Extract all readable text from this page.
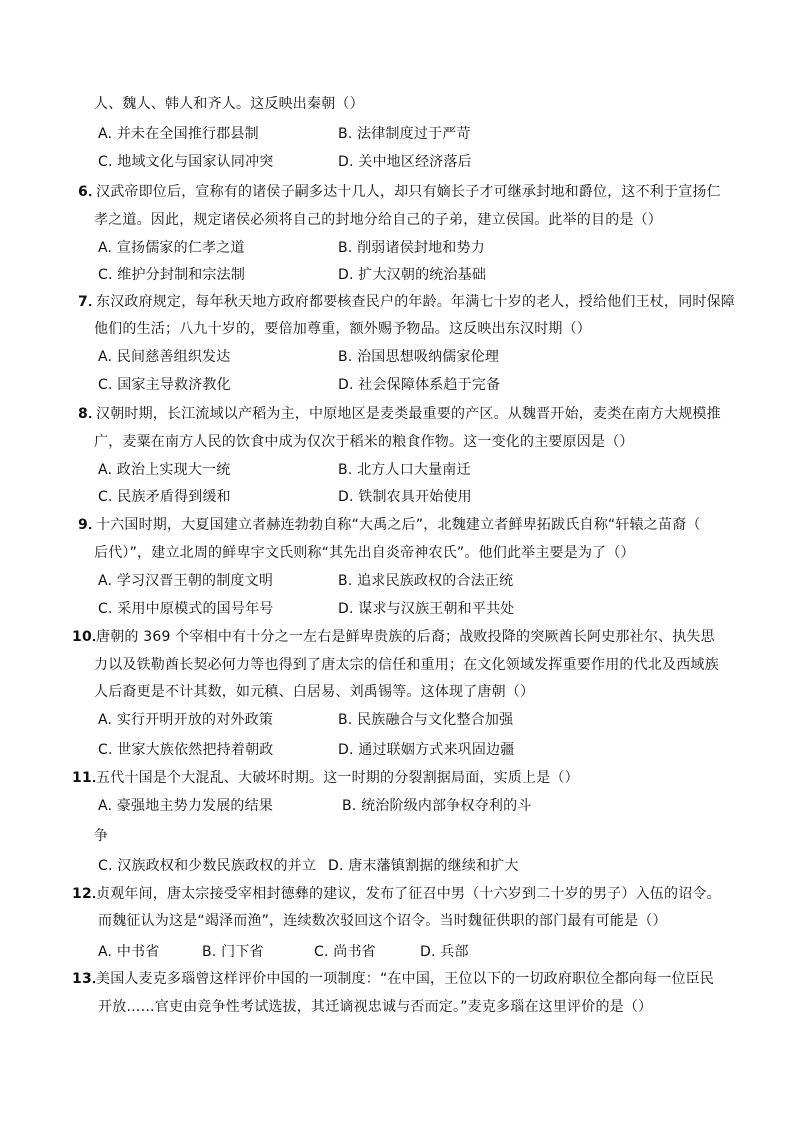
人、魏人、韩人和齐人。这反映出秦朝（）
A. 并未在全国推行郡县制	B. 法律制度过于严苛
C. 地域文化与国家认同冲突	D. 关中地区经济落后
6．
汉武帝即位后，宣称有的诸侯子嗣多达十几人，却只有嫡长子才可继承封地和爵位，这不利于宣扬仁
孝之道。因此，规定诸侯必须将自己的封地分给自己的子弟，建立侯国。此举的目的是（）
A. 宣扬儒家的仁孝之道	B. 削弱诸侯封地和势力
C. 维护分封制和宗法制	D. 扩大汉朝的统治基础
7．
东汉政府规定，每年秋天地方政府都要核查民户的年龄。年满七十岁的老人，授给他们王杖，同时保障
他们的生活；八九十岁的，要倍加尊重，额外赐予物品。这反映出东汉时期（）
A. 民间慈善组织发达	B. 治国思想吸纳儒家伦理
C. 国家主导救济教化	D. 社会保障体系趋于完备
8．
汉朝时期，长江流域以产稻为主，中原地区是麦类最重要的产区。从魏晋开始，麦类在南方大规模推
广，麦粟在南方人民的饮食中成为仅次于稻米的粮食作物。这一变化的主要原因是（）
A. 政治上实现大一统	B. 北方人口大量南迁
C. 民族矛盾得到缓和	D. 铁制农具开始使用
9．
十六国时期，大夏国建立者赫连勃勃自称“大禹之后”，北魏建立者鲜卑拓跋氏自称“轩辕之苗裔（
后代）”，建立北周的鲜卑宇文氏则称“其先出自炎帝神农氏”。他们此举主要是为了（）
A. 学习汉晋王朝的制度文明	B. 追求民族政权的合法正统
C. 采用中原模式的国号年号	D. 谋求与汉族王朝和平共处
10．
唐朝的 369 个宰相中有十分之一左右是鲜卑贵族的后裔；战败投降的突厥酋长阿史那社尔、执失思
力以及铁勒酋长契必何力等也得到了唐太宗的信任和重用；在文化领域发挥重要作用的代北及西域族
人后裔更是不计其数，如元稹、白居易、刘禹锡等。这体现了唐朝（）
A. 实行开明开放的对外政策	B. 民族融合与文化整合加强
C. 世家大族依然把持着朝政	D. 通过联姻方式来巩固边疆
11．
五代十国是个大混乱、大破坏时期。这一时期的分裂割据局面，实质上是（）
A. 豪强地主势力发展的结果	B. 统治阶级内部争权夺利的斗
争
C. 汉族政权和少数民族政权的并立 D. 唐末藩镇割据的继续和扩大
12．
贞观年间，唐太宗接受宰相封德彝的建议，发布了征召中男（十六岁到二十岁的男子）入伍的诏令。
而魏征认为这是“竭泽而渔”，连续数次驳回这个诏令。当时魏征供职的部门最有可能是（）
A. 中书省	B. 门下省	C. 尚书省	D. 兵部
13．
美国人麦克多瑙曾这样评价中国的一项制度：“在中国，王位以下的一切政府职位全都向每一位臣民
开放……官吏由竞争性考试选拔，其迁谪视忠诚与否而定。”麦克多瑙在这里评价的是（）
